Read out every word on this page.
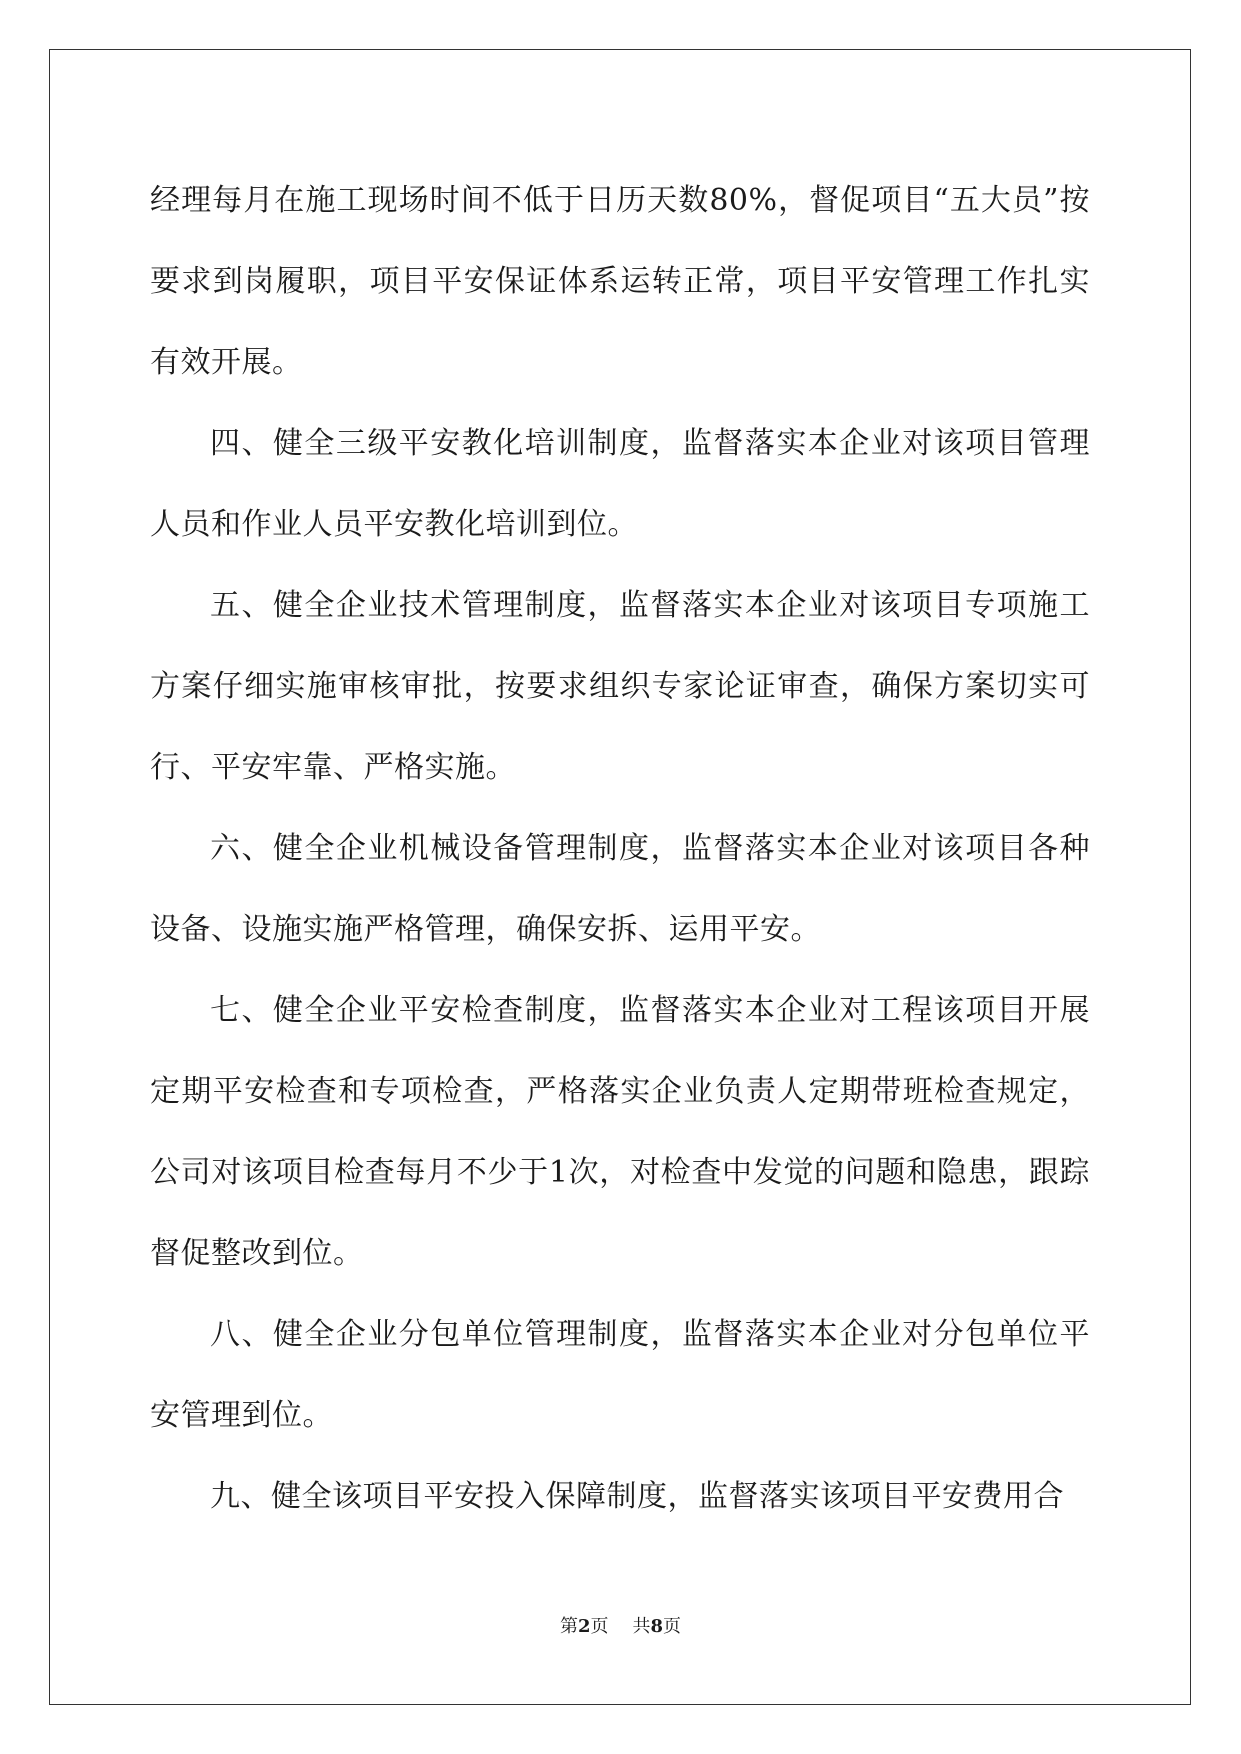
经理每月在施工现场时间不低于日历天数80%，督促项目“五大员”按要求到岗履职，项目平安保证体系运转正常，项目平安管理工作扎实有效开展。

四、健全三级平安教化培训制度，监督落实本企业对该项目管理人员和作业人员平安教化培训到位。

五、健全企业技术管理制度，监督落实本企业对该项目专项施工方案仔细实施审核审批，按要求组织专家论证审查，确保方案切实可行、平安牢靠、严格实施。

六、健全企业机械设备管理制度，监督落实本企业对该项目各种设备、设施实施严格管理，确保安拆、运用平安。

七、健全企业平安检查制度，监督落实本企业对工程该项目开展定期平安检查和专项检查，严格落实企业负责人定期带班检查规定，公司对该项目检查每月不少于1次，对检查中发觉的问题和隐患，跟踪督促整改到位。

八、健全企业分包单位管理制度，监督落实本企业对分包单位平安管理到位。

九、健全该项目平安投入保障制度，监督落实该项目平安费用合

第2页 共8页
